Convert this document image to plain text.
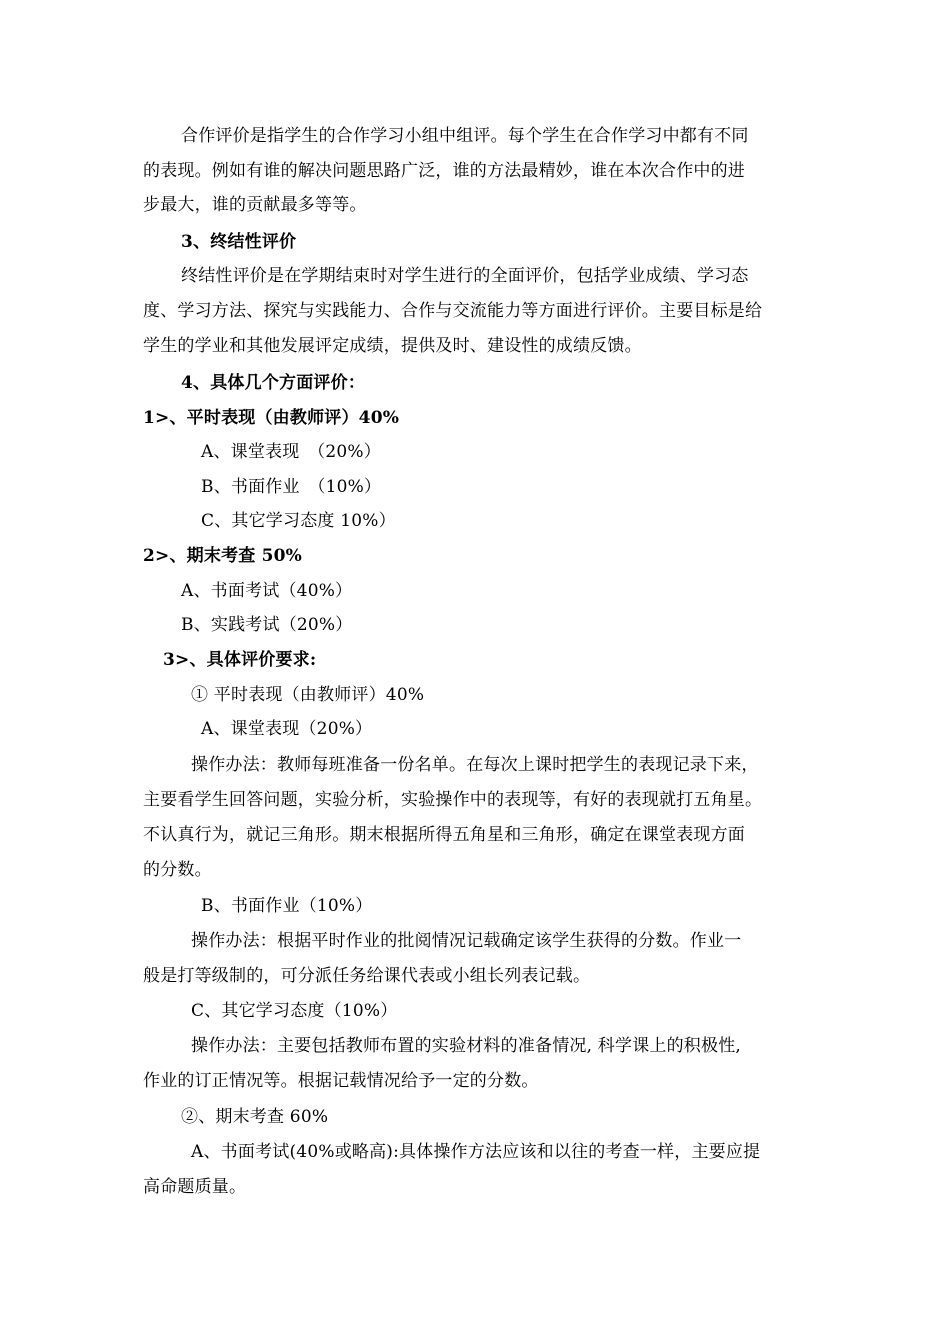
合作评价是指学生的合作学习小组中组评。每个学生在合作学习中都有不同
的表现。例如有谁的解决问题思路广泛，谁的方法最精妙，谁在本次合作中的进
步最大，谁的贡献最多等等。
3、终结性评价
终结性评价是在学期结束时对学生进行的全面评价，包括学业成绩、学习态
度、学习方法、探究与实践能力、合作与交流能力等方面进行评价。主要目标是给
学生的学业和其他发展评定成绩，提供及时、建设性的成绩反馈。
4、具体几个方面评价：
1>、平时表现（由教师评）40%
A、课堂表现　（20%）
B、书面作业　（10%）
C、其它学习态度 10%）
2>、期末考查 50%
A、书面考试（40%）
B、实践考试（20%）
3>、具体评价要求:
① 平时表现（由教师评）40%
A、课堂表现（20%）
操作办法：教师每班准备一份名单。在每次上课时把学生的表现记录下来，
主要看学生回答问题，实验分析，实验操作中的表现等，有好的表现就打五角星。
不认真行为，就记三角形。期末根据所得五角星和三角形，确定在课堂表现方面
的分数。
B、书面作业（10%）
操作办法：根据平时作业的批阅情况记载确定该学生获得的分数。作业一
般是打等级制的，可分派任务给课代表或小组长列表记载。
C、其它学习态度（10%）
操作办法：主要包括教师布置的实验材料的准备情况, 科学课上的积极性,
作业的订正情况等。根据记载情况给予一定的分数。
②、期末考查 60%
A、书面考试(40%或略高):具体操作方法应该和以往的考查一样，主要应提
高命题质量。
